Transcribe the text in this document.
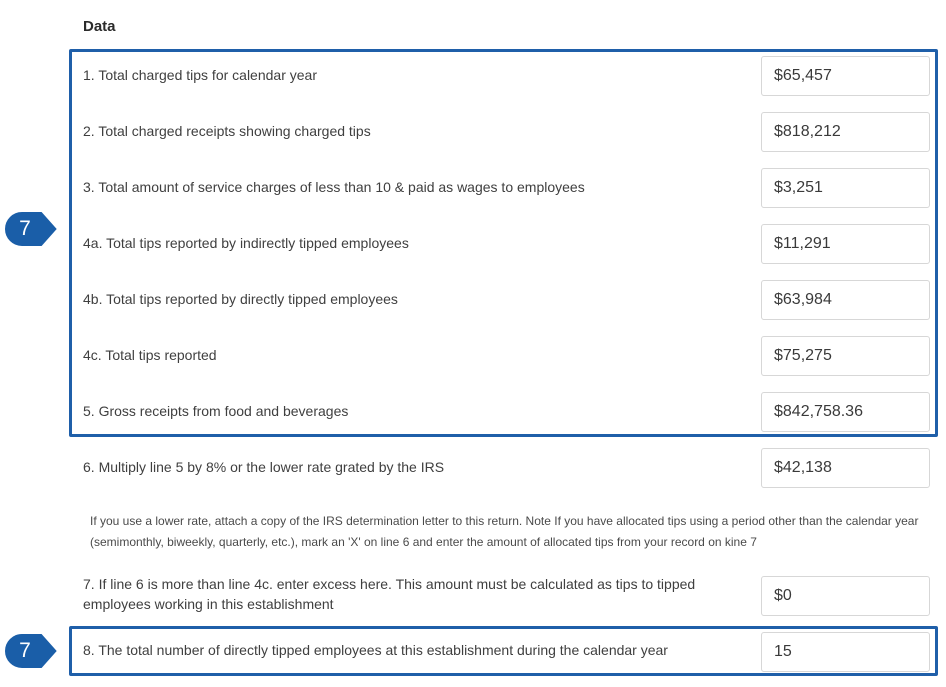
Data
1. Total charged tips for calendar year
$65,457
2. Total charged receipts showing charged tips
$818,212
3. Total amount of service charges of less than 10 & paid as wages to employees
$3,251
4a. Total tips reported by indirectly tipped employees
$11,291
4b. Total tips reported by directly tipped employees
$63,984
4c. Total tips reported
$75,275
5. Gross receipts from food and beverages
$842,758.36
6. Multiply line 5 by 8% or the lower rate grated by the IRS
$42,138
If you use a lower rate, attach a copy of the IRS determination letter to this return. Note If you have allocated tips using a period other than the calendar year (semimonthly, biweekly, quarterly, etc.), mark an 'X' on line 6 and enter the amount of allocated tips from your record on kine 7
7. If line 6 is more than line 4c. enter excess here. This amount must be calculated as tips to tipped employees working in this establishment
$0
8. The total number of directly tipped employees at this establishment during the calendar year
15
7
7
